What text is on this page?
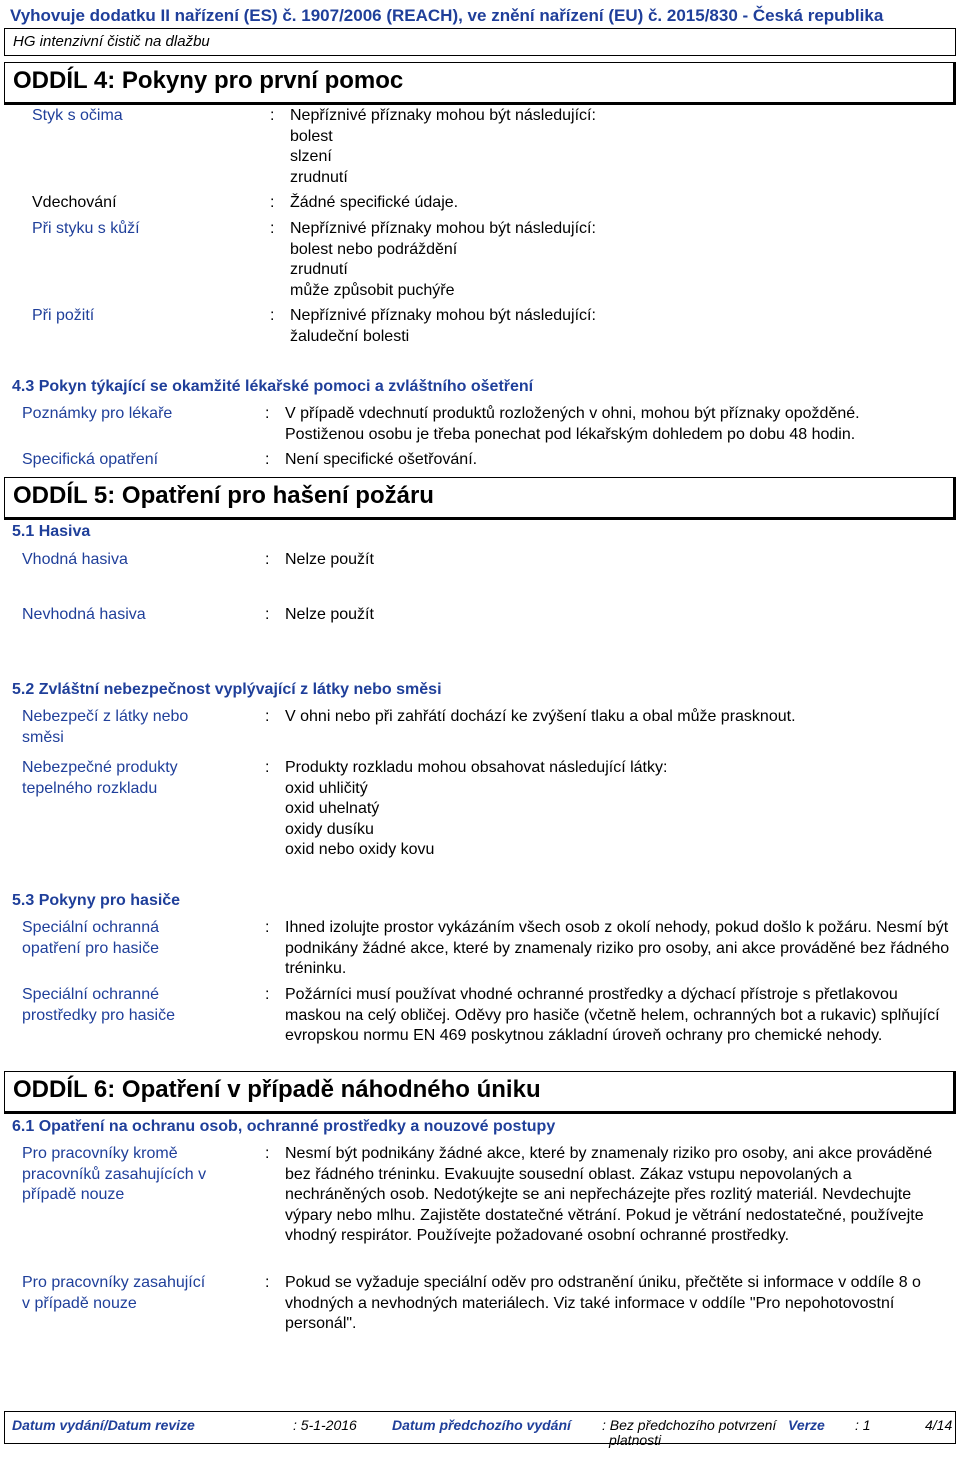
Vyhovuje dodatku II nařízení (ES) č. 1907/2006 (REACH), ve znění nařízení (EU) č. 2015/830 - Česká republika
HG intenzivní čistič na dlažbu
ODDÍL 4: Pokyny pro první pomoc
Styk s očima	: Nepříznivé příznaky mohou být následující:
bolest
slzení
zrudnutí
Vdechování	: Žádné specifické údaje.
Při styku s kůží	: Nepříznivé příznaky mohou být následující:
bolest nebo podráždění
zrudnutí
může způsobit puchýře
Při požití	: Nepříznivé příznaky mohou být následující:
žaludeční bolesti
4.3 Pokyn týkající se okamžité lékařské pomoci a zvláštního ošetření
Poznámky pro lékaře	: V případě vdechnutí produktů rozložených v ohni, mohou být příznaky opožděné.
Postiženou osobu je třeba ponechat pod lékařským dohledem po dobu 48 hodin.
Specifická opatření	: Není specifické ošetřování.
ODDÍL 5: Opatření pro hašení požáru
5.1 Hasiva
Vhodná hasiva	: Nelze použít
Nevhodná hasiva	: Nelze použít
5.2 Zvláštní nebezpečnost vyplývající z látky nebo směsi
Nebezpečí z látky nebo
směsi
: V ohni nebo při zahřátí dochází ke zvýšení tlaku a obal může prasknout.
Nebezpečné produkty
tepelného rozkladu
: Produkty rozkladu mohou obsahovat následující látky:
oxid uhličitý
oxid uhelnatý
oxidy dusíku
oxid nebo oxidy kovu
5.3 Pokyny pro hasiče
Speciální ochranná
opatření pro hasiče
: Ihned izolujte prostor vykázáním všech osob z okolí nehody, pokud došlo k požáru. Nesmí být podnikány žádné akce, které by znamenaly riziko pro osoby, ani akce prováděné bez řádného tréninku.
Speciální ochranné
prostředky pro hasiče
: Požárníci musí používat vhodné ochranné prostředky a dýchací přístroje s přetlakovou maskou na celý obličej. Oděvy pro hasiče (včetně helem, ochranných bot a rukavic) splňující evropskou normu EN 469 poskytnou základní úroveň ochrany pro chemické nehody.
ODDÍL 6: Opatření v případě náhodného úniku
6.1 Opatření na ochranu osob, ochranné prostředky a nouzové postupy
Pro pracovníky kromě
pracovníků zasahujících v
případě nouze
: Nesmí být podnikány žádné akce, které by znamenaly riziko pro osoby, ani akce prováděné bez řádného tréninku. Evakuujte sousední oblast. Zákaz vstupu nepovolaných a nechráněných osob. Nedotýkejte se ani nepřecházejte přes rozlitý materiál. Nevdechujte výpary nebo mlhu. Zajistěte dostatečné větrání. Pokud je větrání nedostatečné, používejte vhodný respirátor. Používejte požadované osobní ochranné prostředky.
Pro pracovníky zasahující
v případě nouze
: Pokud se vyžaduje speciální oděv pro odstranění úniku, přečtěte si informace v oddíle 8 o vhodných a nevhodných materiálech. Viz také informace v oddíle "Pro nepohotovostní personál".
Datum vydání/Datum revize	: 5-1-2016	Datum předchozího vydání : Bez předchozího potvrzení
platnosti
Verze : 1	4/14
